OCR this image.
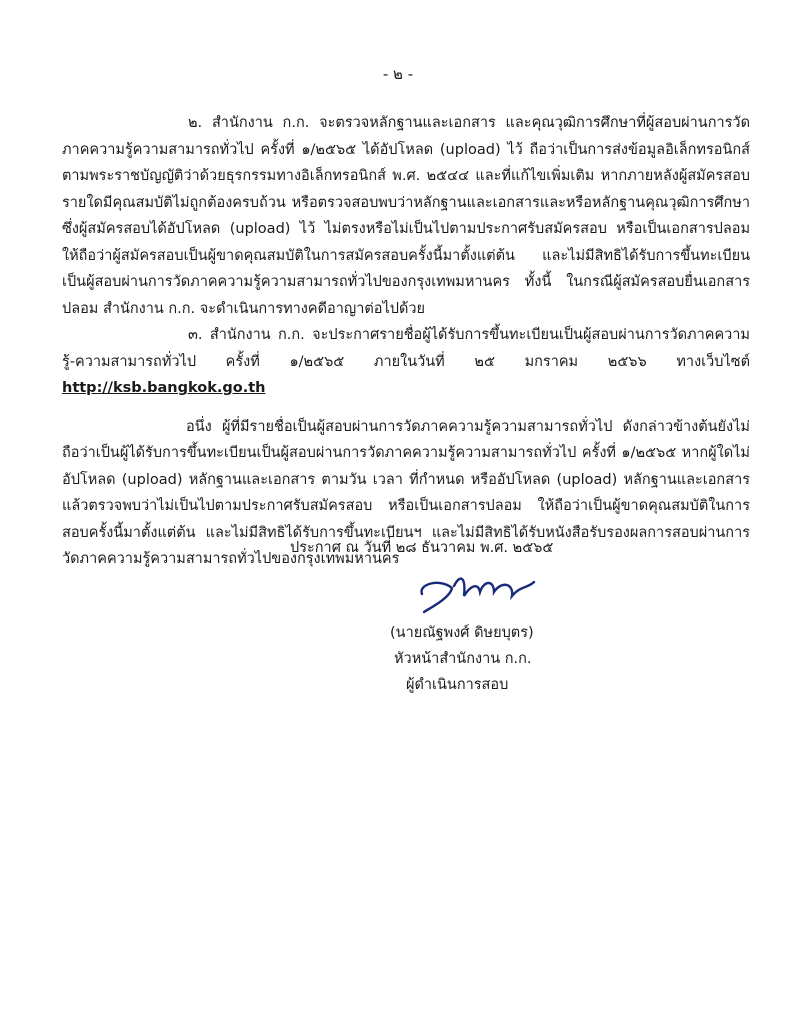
- ๒ -

๒. สำนักงาน ก.ก. จะตรวจหลักฐานและเอกสาร และคุณวุฒิการศึกษาที่ผู้สอบผ่านการวัดภาคความรู้ความสามารถทั่วไป ครั้งที่ ๑/๒๕๖๕ ได้อัปโหลด (upload) ไว้ ถือว่าเป็นการส่งข้อมูลอิเล็กทรอนิกส์ตามพระราชบัญญัติว่าด้วยธุรกรรมทางอิเล็กทรอนิกส์ พ.ศ. ๒๕๔๔ และที่แก้ไขเพิ่มเติม หากภายหลังผู้สมัครสอบรายใดมีคุณสมบัติไม่ถูกต้องครบถ้วน หรือตรวจสอบพบว่าหลักฐานและเอกสารและหรือหลักฐานคุณวุฒิการศึกษาซึ่งผู้สมัครสอบได้อัปโหลด (upload) ไว้ ไม่ตรงหรือไม่เป็นไปตามประกาศรับสมัครสอบ หรือเป็นเอกสารปลอม ให้ถือว่าผู้สมัครสอบเป็นผู้ขาดคุณสมบัติในการสมัครสอบครั้งนี้มาตั้งแต่ต้น และไม่มีสิทธิได้รับการขึ้นทะเบียนเป็นผู้สอบผ่านการวัดภาคความรู้ความสามารถทั่วไปของกรุงเทพมหานคร ทั้งนี้ ในกรณีผู้สมัครสอบยื่นเอกสารปลอม สำนักงาน ก.ก. จะดำเนินการทางคดีอาญาต่อไปด้วย

๓. สำนักงาน ก.ก. จะประกาศรายชื่อผู้ได้รับการขึ้นทะเบียนเป็นผู้สอบผ่านการวัดภาคความรู้-ความสามารถทั่วไป ครั้งที่ ๑/๒๕๖๕ ภายในวันที่ ๒๕ มกราคม ๒๕๖๖ ทางเว็บไซต์ http://ksb.bangkok.go.th

อนึ่ง ผู้ที่มีรายชื่อเป็นผู้สอบผ่านการวัดภาคความรู้ความสามารถทั่วไป ดังกล่าวข้างต้นยังไม่ถือว่าเป็นผู้ได้รับการขึ้นทะเบียนเป็นผู้สอบผ่านการวัดภาคความรู้ความสามารถทั่วไป ครั้งที่ ๑/๒๕๖๕ หากผู้ใดไม่อัปโหลด (upload) หลักฐานและเอกสาร ตามวัน เวลา ที่กำหนด หรืออัปโหลด (upload) หลักฐานและเอกสารแล้วตรวจพบว่าไม่เป็นไปตามประกาศรับสมัครสอบ หรือเป็นเอกสารปลอม ให้ถือว่าเป็นผู้ขาดคุณสมบัติในการสอบครั้งนี้มาตั้งแต่ต้น และไม่มีสิทธิได้รับการขึ้นทะเบียนฯ และไม่มีสิทธิได้รับหนังสือรับรองผลการสอบผ่านการวัดภาคความรู้ความสามารถทั่วไปของกรุงเทพมหานคร

ประกาศ ณ วันที่ ๒๘ ธันวาคม พ.ศ. ๒๕๖๕
(นายณัฐพงศ์ ดิษยบุตร)
หัวหน้าสำนักงาน ก.ก.
ผู้ดำเนินการสอบ
